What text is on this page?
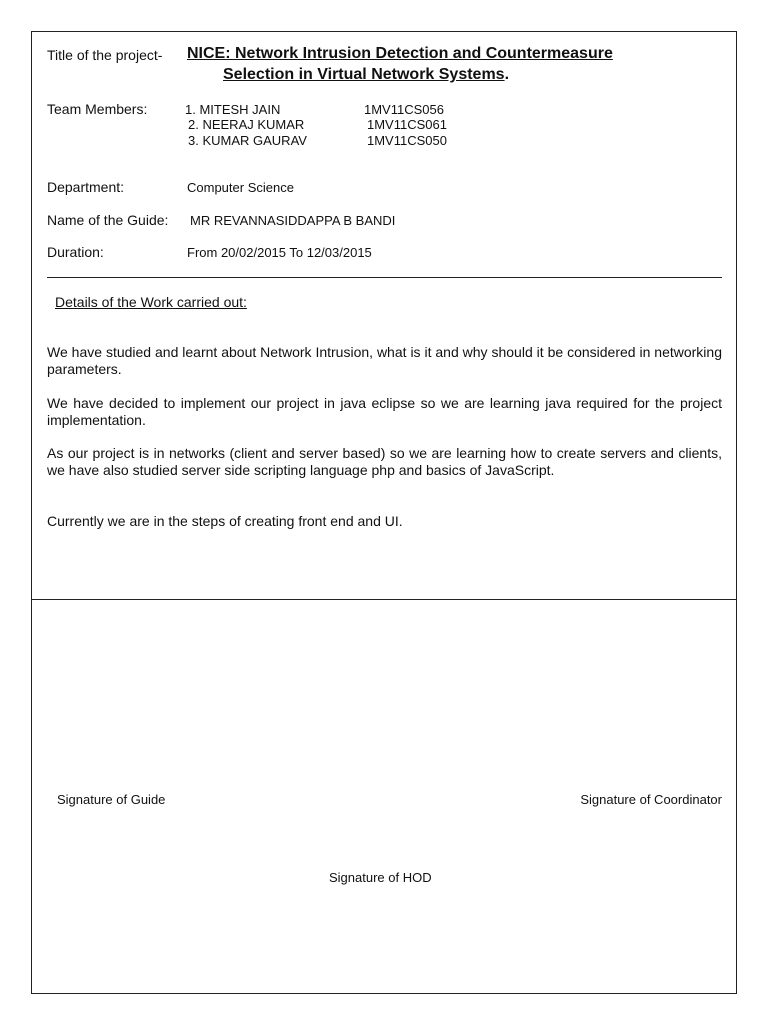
Title of the project- NICE: Network Intrusion Detection and Countermeasure
Selection in Virtual Network Systems.
Team Members:	1. MITESH JAIN	1MV11CS056
2. NEERAJ KUMAR	1MV11CS061
3. KUMAR GAURAV	1MV11CS050
Department:	Computer Science
Name of the Guide: MR REVANNASIDDAPPA B BANDI
Duration:	From 20/02/2015 To 12/03/2015
Details of the Work carried out:
We have studied and learnt about Network Intrusion, what is it and why should it be considered in networking parameters.
We have decided to implement our project in java eclipse so we are learning java required for the project implementation.
As our project is in networks (client and server based) so we are learning how to create servers and clients, we have also studied server side scripting language php and basics of JavaScript.
Currently we are in the steps of creating front end and UI.
Signature of Guide	Signature of Coordinator
Signature of HOD
